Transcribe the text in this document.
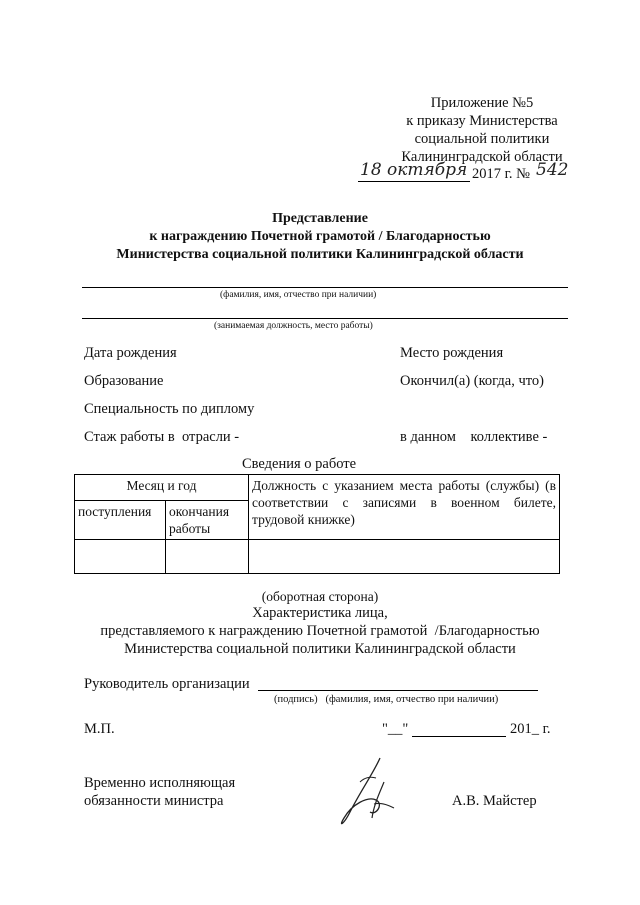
Приложение №5
к приказу Министерства
социальной политики
Калининградской области
18 октября 2017 г. № 542
Представление
к награждению Почетной грамотой / Благодарностью
Министерства социальной политики Калининградской области
(фамилия, имя, отчество при наличии)
(занимаемая должность, место работы)
Дата рождения	Место рождения
Образование	Окончил(а) (когда, что)
Специальность по диплому
Стаж работы в  отрасли -	в данном    коллективе -
Сведения о работе
Месяц и год		Должность с указанием места работы (службы) (в соответствии с записями в военном билете, трудовой книжке)
поступления	окончания работы	

(оборотная сторона)
Характеристика лица,
представляемого к награждению Почетной грамотой  /Благодарностью
Министерства социальной политики Калининградской области
Руководитель организации
(подпись)   (фамилия, имя, отчество при наличии)
М.П.	"__"	201_ г.
Временно исполняющая
обязанности министра	А.В. Майстер
